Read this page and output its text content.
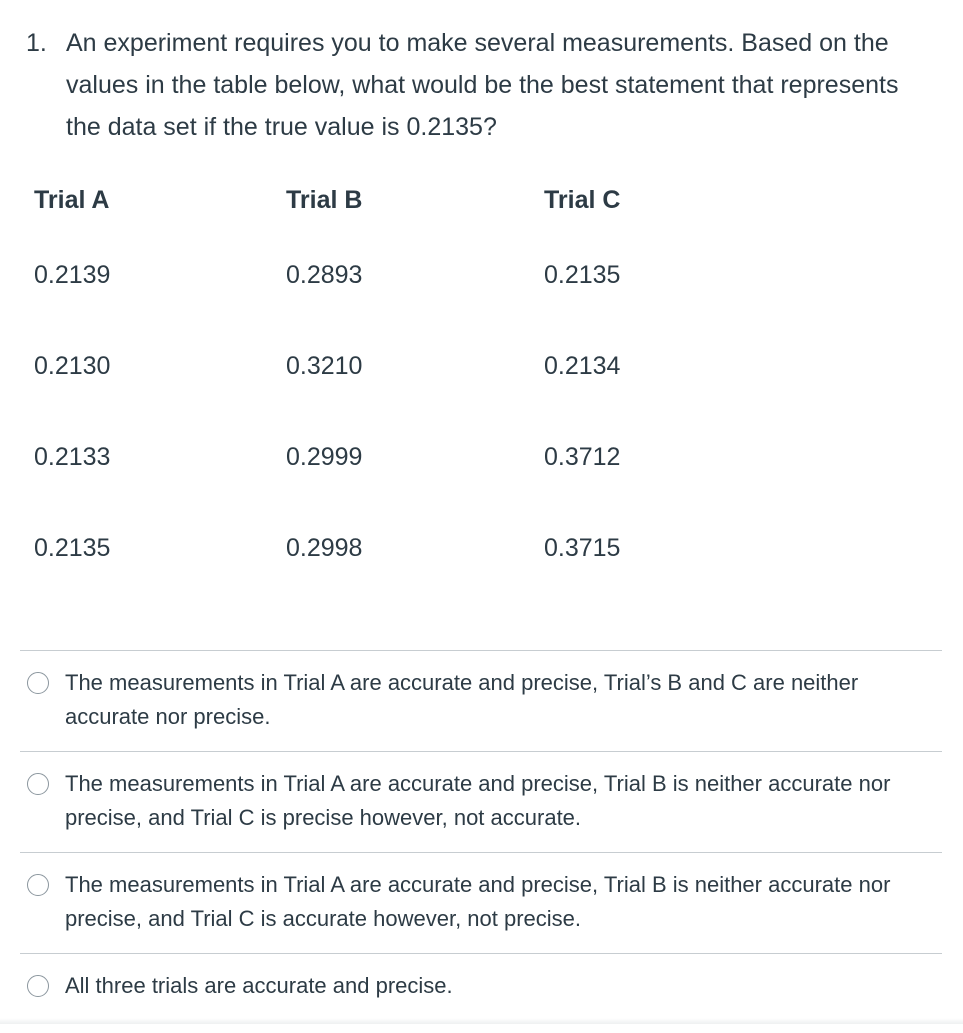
1. An experiment requires you to make several measurements. Based on the values in the table below, what would be the best statement that represents the data set if the true value is 0.2135?
Trial A	Trial B	Trial C
0.2139	0.2893	0.2135
0.2130	0.3210	0.2134
0.2133	0.2999	0.3712
0.2135	0.2998	0.3715
The measurements in Trial A are accurate and precise, Trial’s B and C are neither accurate nor precise.
The measurements in Trial A are accurate and precise, Trial B is neither accurate nor precise, and Trial C is precise however, not accurate.
The measurements in Trial A are accurate and precise, Trial B is neither accurate nor precise, and Trial C is accurate however, not precise.
All three trials are accurate and precise.
